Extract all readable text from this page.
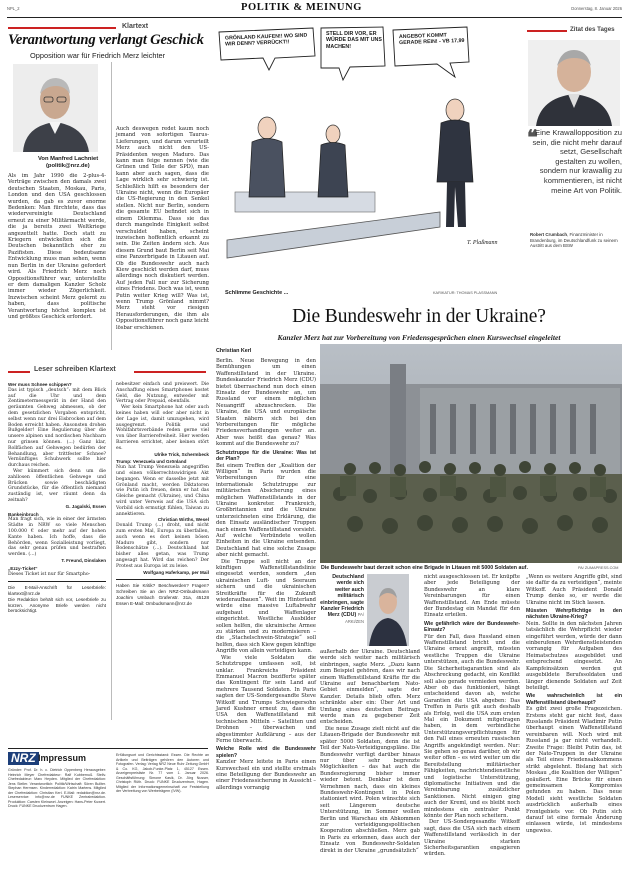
NPL_2	POLITIK & MEINUNG	Donnerstag, 8. Januar 2026
Klartext
Verantwortung verlangt Geschick
Opposition war für Friedrich Merz leichter
Von Manfred Lachniet
(politik@nrz.de)
Als im Jahr 1990 die 2-plus-4-Verträge zwischen den damals zwei deutschen Staaten, Moskau, Paris, London und den USA geschlossen wurden, da gab es zuvor enorme Bedenken: Man fürchtete, dass das wiedervereinigte Deutschland erneut zu einer Militärmacht werde, die ja bereits zwei Weltkriege angezettelt hatte. Doch statt zu Kriegern entwickelten sich die Deutschen bekanntlich eher zu Pazifisten. Diese bedeutsame Entwicklung muss man sehen, wenn nun Berlin in der Ukraine gefordert wird. Als Friedrich Merz noch Oppositionsführer war, unterstellte er dem damaligen Kanzler Scholz immer wieder Zögerlichkeit. Inzwischen scheint Merz gelernt zu haben, dass politische Verantwortung höchst komplex ist und größtes Geschick erfordert.
Auch deswegen redet kaum noch jemand von sofortigen Taurus-Lieferungen, und darum verurteilt Merz auch nicht den US-Präsidenten wegen Maduro. Das kann man feige nennen (wie die Grünen und Teile der SPD), man kann aber auch sagen, dass die Lage wirklich sehr schwierig ist. Schließlich hilft es besonders der Ukraine nicht, wenn die Europäer die US-Regierung in den Senkel stellen. Nicht nur Berlin, sondern die gesamte EU befindet sich in einem Dilemma. Dass sie das durch mangelnde Einigkeit selbst verschuldet haben, scheint inzwischen hoffentlich erkannt zu sein. Die Zeiten ändern sich. Aus diesem Grund baut Berlin seit Mai eine Panzerbrigade in Litauen auf. Ob die Bundeswehr auch nach Kiew geschickt werden darf, muss allerdings noch diskutiert werden. Auf jeden Fall nur zur Sicherung eines Friedens. Doch was ist, wenn Putin weiter Krieg will? Was ist, wenn Trump Grönland nimmt? Merz steht vor riesigen Herausforderungen, die ihm als Oppositionsführer noch ganz leicht lösbar erschienen.
GRÖNLAND KAUFEN!! WO SIND WIR DENN? VERRÜCKT!!
STELL DIR VOR, ER WÜRDE DAS MIT UNS MACHEN!
ANGEBOT KOMMT GERADE REIN! - VB 17,99
T. Plaßmann
Schlimme Geschichte ...	KARIKATUR: THOMAS PLASSMANN
Zitat des Tages
❝
Eine Krawallopposition zu sein, die nicht mehr darauf setzt, Gesellschaft gestalten zu wollen, sondern nur krawallig zu kommentieren, ist nicht meine Art von Politik.
Robert Crumbach, Finanzminister in Brandenburg, im Deutschlandfunk zu seinem Austritt aus dem BSW
Die Bundeswehr in der Ukraine?
Kanzler Merz hat zur Vorbereitung von Friedensgesprächen einen Kurswechsel eingeleitet
Christian Kerl

Berlin. Neue Bewegung in den Bemühungen um einen Waffenstillstand in der Ukraine. Bundeskanzler Friedrich Merz (CDU) bietet überraschend nun doch einen Einsatz der Bundeswehr an, um Russland vor einem möglichen Neuangriff abzuschrecken. Die Ukraine, die USA und europäische Staaten nähern sich bei den Vorbereitungen für mögliche Friedensverhandlungen weiter an. Aber was heißt das genau? Was kommt auf die Bundeswehr zu?

Schutztruppe für die Ukraine: Was ist der Plan?

Bei einem Treffen der „Koalition der Willigen“ in Paris wurden die Vorbereitungen für eine internationale Schutztruppe zur militärischen Absicherung eines möglichen Waffenstillstands in der Ukraine konkreter. Frankreich, Großbritannien und die Ukraine unterzeichneten eine Erklärung, die den Einsatz ausländischer Truppen nach einem Waffenstillstand vorsieht. Auf welche Verbündete wollen Einheiten in die Ukraine entsenden. Deutschland hat eine solche Zusage aber nicht gemacht.

Die Truppe soll nicht an der künftigen Waffenstillstandslinie eingesetzt werden, sondern „den ukrainischen Luft- und Seeraum sichern und die ukrainischen Streitkräfte für die Zukunft wiederaufbauen“. Weit im Hinterland würde eine massive Luftabwehr aufgebaut und Waffenlager eingerichtet. Westliche Ausbilder sollen helfen, die ukrainische Armee zu stärken und zu modernisieren – die „Stachelschwein-Strategie“ soll helfen, dass sich Kiew gegen künftige Angriffe von allein verteidigen kann.

Wie viele Soldaten die Schutztruppe umfassen soll, ist unklar. Frankreichs Präsident Emmanuel Macron bezifferte später das Kontingent für sein Land auf mehrere Tausend Soldaten. In Paris sagten der US-Sondergesandte Steve Witkoff und Trumps Schwiegersohn Jared Kushner erneut zu, dass die USA den Waffenstillstand mit technischen Mitteln – Satelliten und Drohnen – überwachen und abgestimmter Aufklärung – aus der Ferne überwacht.

Welche Rolle wird die Bundeswehr spielen?

Kanzler Merz leitete in Paris einen Kurswechsel ein und stellte erstmals eine Beteiligung der Bundeswehr an einer Friedenssicherung in Aussicht – allerdings vorrangig

Die Bundeswehr baut derzeit schon eine Brigade in Litauen mit 5000 Soldaten auf.	PA/ ZUMAPRESS.COM
Deutschland werde sich weiter auch militärisch einbringen, sagte Kanzler Friedrich Merz (CDU) PA/ ARKI/ZEN

außerhalb der Ukraine. Deutschland werde sich weiter nach militärisch einbringen, sagte Merz. „Dazu kann zum Beispiel gehören, dass wir nach einem Waffenstillstand Kräfte für die Ukraine auf benachbartem Nato-Gebiet einmelden“, sagte der Kanzler. Details blieb offen. Merz schränkte aber ein: Über Art und Umfang eines deutschen Beitrags werde man zu gegebener Zeit entscheiden.

Die neue Zusage zielt nicht auf die Litauen-Brigade der Bundeswehr mit später 5000 Soldaten, denn die ist Teil der Nato-Verteidigungspläne. Die Bundeswehr verfügt darüber hinaus nur über sehr begrenzte Möglichkeiten – das hat auch die Bundesregierung bisher immer wieder betont. Denkbar ist dem Vernehmen nach, dass ein kleines Bundeswehr-Kontingent in Polen stationiert wird. Polen wünschte sich seit Längerem deutsche Unterstützung, im Sommer wollen Berlin und Warschau ein Abkommen zur verteidigungspolitischen Kooperation abschließen. Merz gab in Paris zu erkennen, dass auch der Einsatz von Bundeswehr-Soldaten direkt in der Ukraine „grundsätzlich“

nicht ausgeschlossen ist. Er knüpfte aber jede Beteiligung der Bundeswehr an klare Vereinbarungen für einen Waffenstillstand. Am Ende müsste der Bundestag ein Mandat für den Einsatz erteilen.

Wie gefährlich wäre der Bundeswehr-Einsatz?

Für den Fall, dass Russland einen Waffenstillstand bricht und die Ukraine erneut angreift, müssten westliche Truppen die Ukraine unterstützen, auch die Bundeswehr. Die Sicherheitsgarantien sind als Abschreckung gedacht, ein Konflikt soll also gerade vermieden werden. Aber ob das funktioniert, hängt entscheidend davon ab, welche Garantien die USA abgeben: Das Treffen in Paris gilt auch deshalb als Erfolg, weil die USA zum ersten Mal ein Dokument mitgetragen haben, in dem verbindliche Unterstützungsverpflichtungen für den Fall eines erneuten russischen Angriffs angekündigt werden. Nur: Sie gehen so genau darüber, ob wir weiter offen – es wird weiter um die Bereitstellung militärischer Fähigkeiten, nachrichtendienstliche und logistische Unterstützung, diplomatische Initiativen und die Vereinbarung zusätzlicher Sanktionen. Nicht einigen ging auch der Kreml, und es bleibt noch mindestens ein zentraler Punkt könnte der Plan noch scheitern.

Der US-Sondergesandte Witkoff sagt, dass die USA sich nach einem Waffenstillstand verlässlich in der Ukraine starken Sicherheitsgarantien engagieren würden.

„Wenn es weitere Angriffe gibt, sind sie dafür da zu verteidigen“, meinte Witkoff. Auch Präsident Donald Trump denke so, er werde die Ukraine nicht im Stich lassen.

Müssten Wehrpflichtige in den nächsten Ukraine-Krieg?

Nein. Sollte in den nächsten Jahren tatsächlich die Wehrpflicht wieder eingeführt werden, würde der dann einberufenen Wehrdienstleistenden vorrangig für Aufgaben des Heimatschutzes ausgebildet und entsprechend eingesetzt. An Kampfeinsätzen werden gut ausgebildete Berufssoldaten und länger dienende Soldaten auf Zeit beteiligt.

Wie wahrscheinlich ist ein Waffenstillstand überhaupt?

Es gibt zwei große Fragezeichen. Erstens steht gar nicht fest, dass Russlands Präsident Wladimir Putin überhaupt einen Waffenstillstand vereinbaren will. Noch wird mit Russland ja gar nicht verhandelt. Zweite Frage: Bleibt Putin das, ist der Nato-Truppen in der Ukraine als Teil eines Friedensabkommens strikt abgelehnt. Bislang hat sich Moskau „die Koalition der Willigen“ geäußert. Eine Brücke für einen gemeinsamen Kompromiss gefunden zu haben. Das neue Modell sieht westliche Soldaten ausdrücklich außerhalb eines Frontgebiets vor. Ob Putin sich darauf ist eine formale Änderung einlassen würde, ist mindestens ungewiss.

Leser schreiben Klartext

Wer muss Schnee schippen?

Das ist typisch „deutsch“: mit dem Blick auf die Uhr und dem Zentimetermessgerät in der Hand den geräumten Gehweg abmessen, ob der dem gesetzlichen Vorgaben entspricht, selbst wenn nur drei Eisbrocken auf dem Boden erreicht haben. Ansonsten drohen Bußgelder! Eine Regulierung über die unsere alpinen und nordischen Nachbarn nur grinsen können. (...) Ganz klar, Rollfächen auf Gehwegen bedürfen der Behandlung, aber trittfester Schnee? Vernünftiges Schuhwerk sollte hier durchaus reichen.

Wer kümmert sich denn um die zahllosen öffentlichen Gehwege und Brücken sowie beschädigten Grundstücke, für die öffentlich niemand zuständig ist, wer räumt denn da zeitnah?

G. Jagalski, Essen

Bankeinbruch

Man fragt sich, wie in einer der ärmsten Städte in NRW so viele Menschen 100.000 € oder mehr auf der hohen Kante haben. Ich hoffe, dass die Behörden, wenn Sozialleistung vorliegt, das sehr genau prüfen und bestraften werden. (...)

T. Freund, Dinslaken

„Ezzy-Ticket“

Dieses Ticket ist nur für Smartpho-

Die E-Mail-Anschrift für Leserbriefe: klartext@nrz.de

Die Redaktion behält sich vor, Leserbriefe zu kürzen. Anonyme Briefe werden nicht berücksichtigt.

nebesitzer einfach und preiswert. Die Anschaffung eines Smartphones kostet Geld, die Nutzung, entweder mit Vertrag oder Prepaid, ebenfalls.

Wer kein Smartphone hat oder auch keines haben will oder aber nicht in der Lage ist, damit umzugehen, wird ausgegrenzt. Politik und Wohlfahrtsverbände reden gerne viel von über Barrierefreiheit. Hier werden Barrieren errichtet, aber keinen stört es.

Ulrike Trick, Schermbeck

Trump: Venezuela und Grönland

Nun hat Trump Venezuela angegriffen und einen völkerrechtswidrigen Akt begangen. Wenn er dasselbe jetzt mit Grönland macht, werden Diktatoren wie Putin ich freuen, denn er hat das Gleiche gemacht (Ukraine), und China wird unter Verweis auf die USA sich Vorbild sich ermutigt fühlen, Taiwan zu annektieren.

Christian Wirths, Wesel

Donald Trump (...) droht, und nicht zum ersten Mal, Europa zu überfallen, auch wenn es dort keinen bösen Maduro gibt, sondern nur Bodenschätze (...). Deutschland hat bisher alles getan, was Trump angesagt hat. Wird das reichen? Der Protest aus Europa ist zu leise.

Wolfgang Haferkamp, per Mail

Haben Sie Kritik? Beschwerden? Fragen? Schreiben Sie an den NRZ-Ombudsmann Joachim Umbach Grafenstr. 31a, 45128 Essen E-Mail: Ombudsmann@nrz.de

NRZ Impressum
Gründer: Prof. Dr. h. c. Dietrich Oppenberg Herausgeber: Heinrich Meyer Chefredakteur: Ralf Kubbernuß. Stellv. Chefredakteur: Marc Heyden. Mitglied der Chefredaktion: Jens Steller. Verantwortlich: Politik/Wirtschaft: Sören Bullter. Stephan Hermsen. Kinderredaktion: Katrin Martens. Mitglied der Chefredaktion: Christian Kerl. E-Mail: redaktion@nrz.de. Leserservice: info@nrz.de FUNKE Zentralredaktion. Produktion: Carsten Kleinwort. Anzeigen: Hans-Peter Kuwert. Druck: FUNKE Druckzentrum Hagen.
Erfüllungsort und Gerichtsstand: Essen. Die Rechte an Artikeln und Beiträgen gehören den Autoren und Fotografen. Verlag: Verlag NRZ Neue Ruhr Zeitung GmbH & Co. KG, Jakob-Funke-Platz 1, 45127 Essen. Anzeigenpreisliste Nr. 77 vom 1. Januar 2026. Geschäftsführung: Simone Kasik, Dr. Jörg Nusser, Christoph Rüth. Druck: FUNKE Druckzentrum, Hagen. Mitglied der Informationsgemeinschaft zur Feststellung der Verbreitung von Werbeträgern (IVW).
